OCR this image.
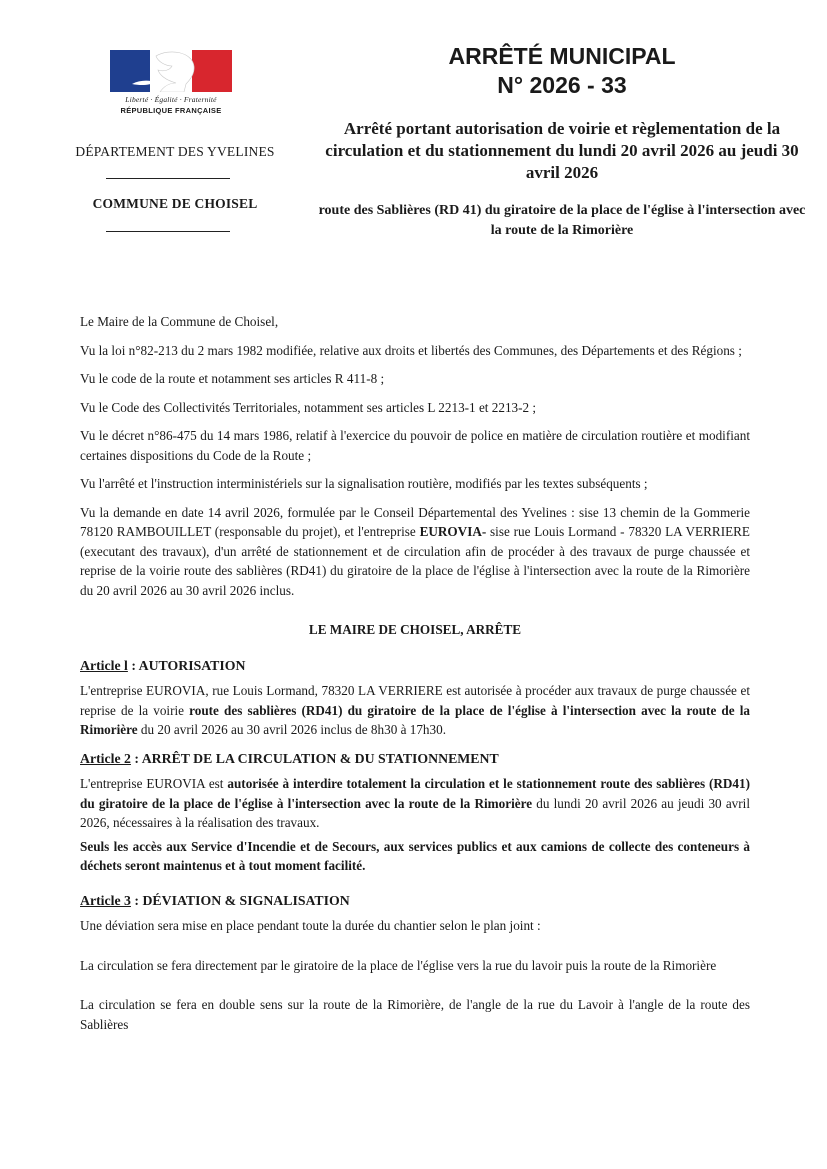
Liberté · Égalité · Fraternité
RÉPUBLIQUE FRANÇAISE
DÉPARTEMENT DES YVELINES
COMMUNE DE CHOISEL
ARRÊTÉ MUNICIPAL
N° 2026 - 33
Arrêté portant autorisation de voirie et règlementation de la circulation et du stationnement du lundi 20 avril 2026 au jeudi 30 avril 2026
route des Sablières (RD 41) du giratoire de la place de l'église à l'intersection avec la route de la Rimorière

Le Maire de la Commune de Choisel,

Vu la loi n°82-213 du 2 mars 1982 modifiée, relative aux droits et libertés des Communes, des Départements et des Régions ;

Vu le code de la route et notamment ses articles R 411-8 ;

Vu le Code des Collectivités Territoriales, notamment ses articles L 2213-1 et 2213-2 ;

Vu le décret n°86-475 du 14 mars 1986, relatif à l'exercice du pouvoir de police en matière de circulation routière et modifiant certaines dispositions du Code de la Route ;

Vu l'arrêté et l'instruction interministériels sur la signalisation routière, modifiés par les textes subséquents ;

Vu la demande en date 14 avril 2026, formulée par le Conseil Départemental des Yvelines : sise 13 chemin de la Gommerie 78120 RAMBOUILLET (responsable du projet), et l'entreprise EUROVIA- sise rue Louis Lormand - 78320 LA VERRIERE (executant des travaux), d'un arrêté de stationnement et de circulation afin de procéder à des travaux de purge chaussée et reprise de la voirie route des sablières (RD41) du giratoire de la place de l'église à l'intersection avec la route de la Rimorière du 20 avril 2026 au 30 avril 2026 inclus.

LE MAIRE DE CHOISEL, ARRÊTE

Article l : AUTORISATION

L'entreprise EUROVIA, rue Louis Lormand, 78320 LA VERRIERE est autorisée à procéder aux travaux de purge chaussée et reprise de la voirie route des sablières (RD41) du giratoire de la place de l'église à l'intersection avec la route de la Rimorière du 20 avril 2026 au 30 avril 2026 inclus de 8h30 à 17h30.

Article 2 : ARRÊT DE LA CIRCULATION & DU STATIONNEMENT

L'entreprise EUROVIA est autorisée à interdire totalement la circulation et le stationnement route des sablières (RD41) du giratoire de la place de l'église à l'intersection avec la route de la Rimorière du lundi 20 avril 2026 au jeudi 30 avril 2026, nécessaires à la réalisation des travaux.

Seuls les accès aux Service d'Incendie et de Secours, aux services publics et aux camions de collecte des conteneurs à déchets seront maintenus et à tout moment facilité.

Article 3 : DÉVIATION & SIGNALISATION

Une déviation sera mise en place pendant toute la durée du chantier selon le plan joint :

La circulation se fera directement par le giratoire de la place de l'église vers la rue du lavoir puis la route de la Rimorière

La circulation se fera en double sens sur la route de la Rimorière, de l'angle de la rue du Lavoir à l'angle de la route des Sablières
